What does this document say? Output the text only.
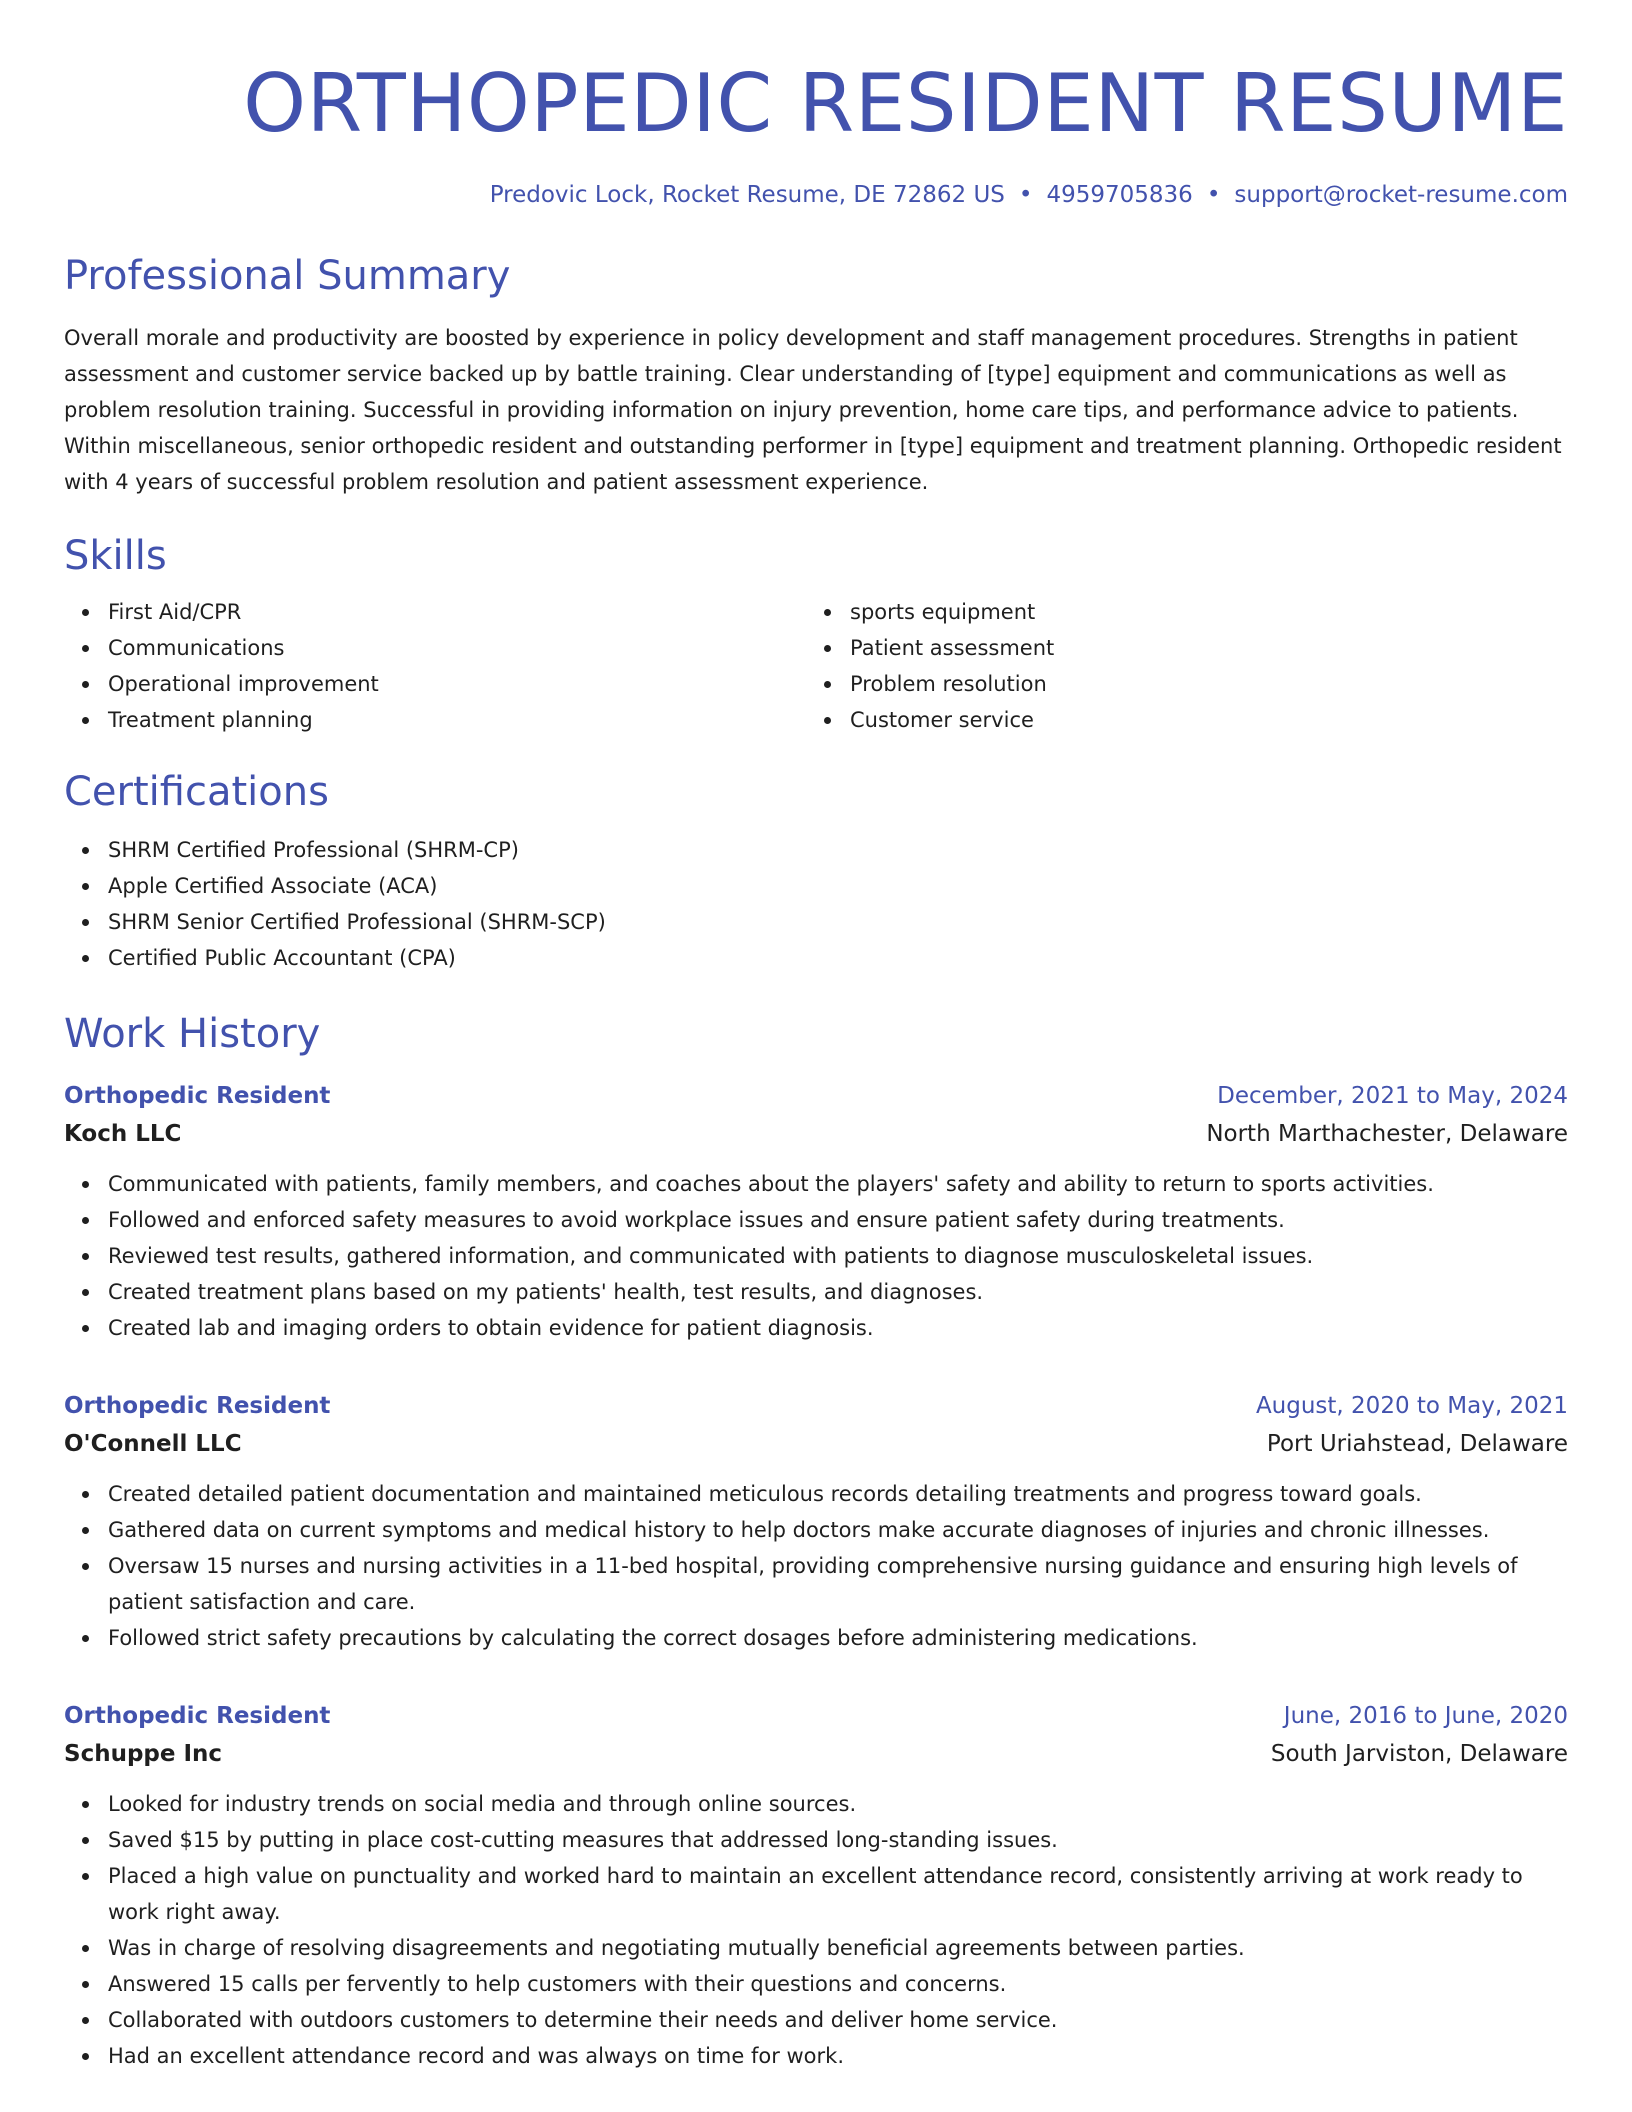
ORTHOPEDIC RESIDENT RESUME
Predovic Lock, Rocket Resume, DE 72862 US • 4959705836 • support@rocket-resume.com
Professional Summary
Overall morale and productivity are boosted by experience in policy development and staff management procedures. Strengths in patient assessment and customer service backed up by battle training. Clear understanding of [type] equipment and communications as well as problem resolution training. Successful in providing information on injury prevention, home care tips, and performance advice to patients. Within miscellaneous, senior orthopedic resident and outstanding performer in [type] equipment and treatment planning. Orthopedic resident with 4 years of successful problem resolution and patient assessment experience.
Skills
First Aid/CPR
Communications
Operational improvement
Treatment planning
sports equipment
Patient assessment
Problem resolution
Customer service
Certifications
SHRM Certified Professional (SHRM-CP)
Apple Certified Associate (ACA)
SHRM Senior Certified Professional (SHRM-SCP)
Certified Public Accountant (CPA)
Work History
Orthopedic Resident	December, 2021 to May, 2024
Koch LLC	North Marthachester, Delaware
Communicated with patients, family members, and coaches about the players' safety and ability to return to sports activities.
Followed and enforced safety measures to avoid workplace issues and ensure patient safety during treatments.
Reviewed test results, gathered information, and communicated with patients to diagnose musculoskeletal issues.
Created treatment plans based on my patients' health, test results, and diagnoses.
Created lab and imaging orders to obtain evidence for patient diagnosis.
Orthopedic Resident	August, 2020 to May, 2021
O'Connell LLC	Port Uriahstead, Delaware
Created detailed patient documentation and maintained meticulous records detailing treatments and progress toward goals.
Gathered data on current symptoms and medical history to help doctors make accurate diagnoses of injuries and chronic illnesses.
Oversaw 15 nurses and nursing activities in a 11-bed hospital, providing comprehensive nursing guidance and ensuring high levels of patient satisfaction and care.
Followed strict safety precautions by calculating the correct dosages before administering medications.
Orthopedic Resident	June, 2016 to June, 2020
Schuppe Inc	South Jarviston, Delaware
Looked for industry trends on social media and through online sources.
Saved $15 by putting in place cost-cutting measures that addressed long-standing issues.
Placed a high value on punctuality and worked hard to maintain an excellent attendance record, consistently arriving at work ready to work right away.
Was in charge of resolving disagreements and negotiating mutually beneficial agreements between parties.
Answered 15 calls per fervently to help customers with their questions and concerns.
Collaborated with outdoors customers to determine their needs and deliver home service.
Had an excellent attendance record and was always on time for work.
